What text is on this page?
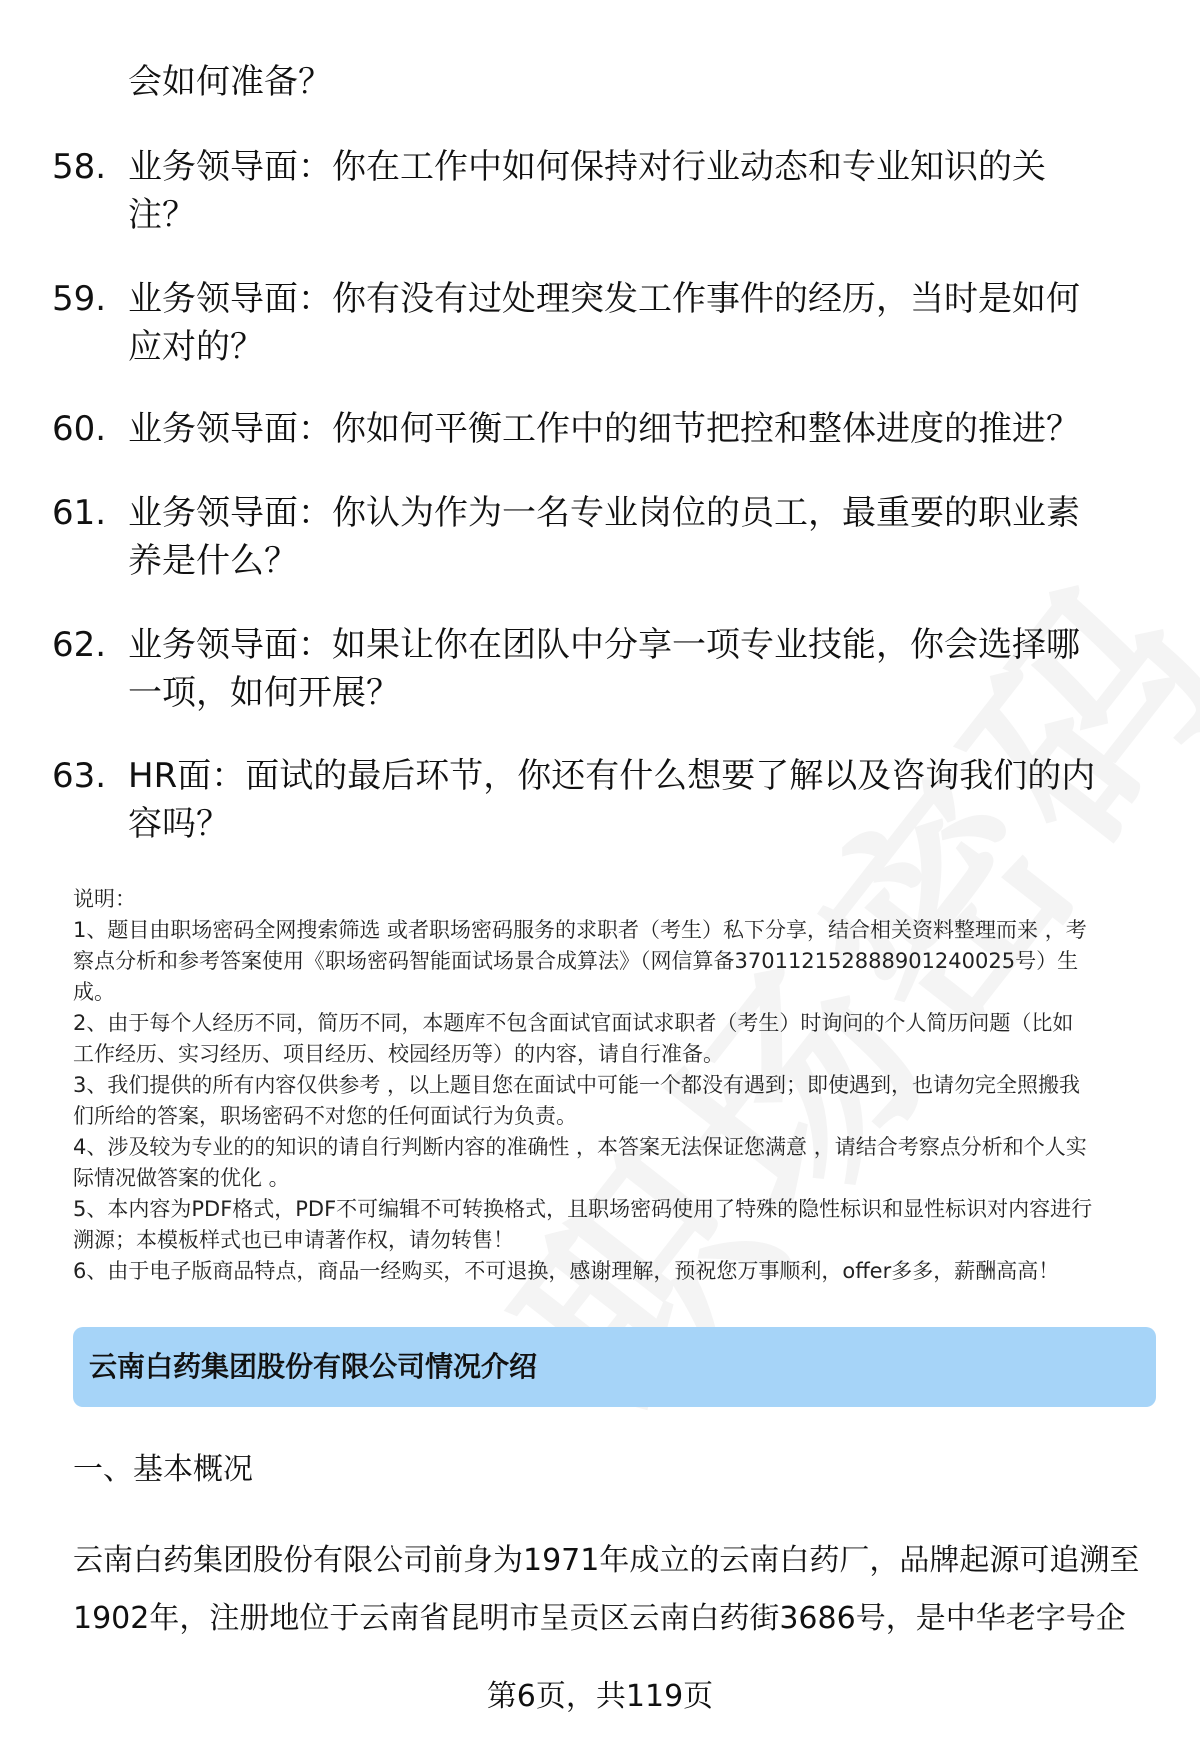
会如何准备？
58. 业务领导面：你在工作中如何保持对行业动态和专业知识的关
注？
59. 业务领导面：你有没有过处理突发工作事件的经历，当时是如何
应对的？
60. 业务领导面：你如何平衡工作中的细节把控和整体进度的推进？
61. 业务领导面：你认为作为一名专业岗位的员工，最重要的职业素
养是什么？
62. 业务领导面：如果让你在团队中分享一项专业技能，你会选择哪
一项，如何开展？
63. HR面：面试的最后环节，你还有什么想要了解以及咨询我们的内
容吗？

说明：

1、题目由职场密码全网搜索筛选 或者职场密码服务的求职者（考生）私下分享，结合相关资料整理而来 ，考

察点分析和参考答案使用《职场密码智能面试场景合成算法》（网信算备370112152888901240025号）生

成。

2、由于每个人经历不同，简历不同，本题库不包含面试官面试求职者（考生）时询问的个人简历问题（比如

工作经历、实习经历、项目经历、校园经历等）的内容，请自行准备。

3、我们提供的所有内容仅供参考 ，以上题目您在面试中可能一个都没有遇到；即使遇到，也请勿完全照搬我

们所给的答案，职场密码不对您的任何面试行为负责。

4、涉及较为专业的的知识的请自行判断内容的准确性 ，本答案无法保证您满意 ，请结合考察点分析和个人实

际情况做答案的优化 。

5、本内容为PDF格式，PDF不可编辑不可转换格式，且职场密码使用了特殊的隐性标识和显性标识对内容进行

溯源；本模板样式也已申请著作权，请勿转售！

6、由于电子版商品特点，商品一经购买，不可退换，感谢理解，预祝您万事顺利，offer多多，薪酬高高！

云南白药集团股份有限公司情况介绍
一、基本概况

云南白药集团股份有限公司前身为1971年成立的云南白药厂，品牌起源可追溯至

1902年，注册地位于云南省昆明市呈贡区云南白药街3686号，是中华老字号企

第6页，共119页
